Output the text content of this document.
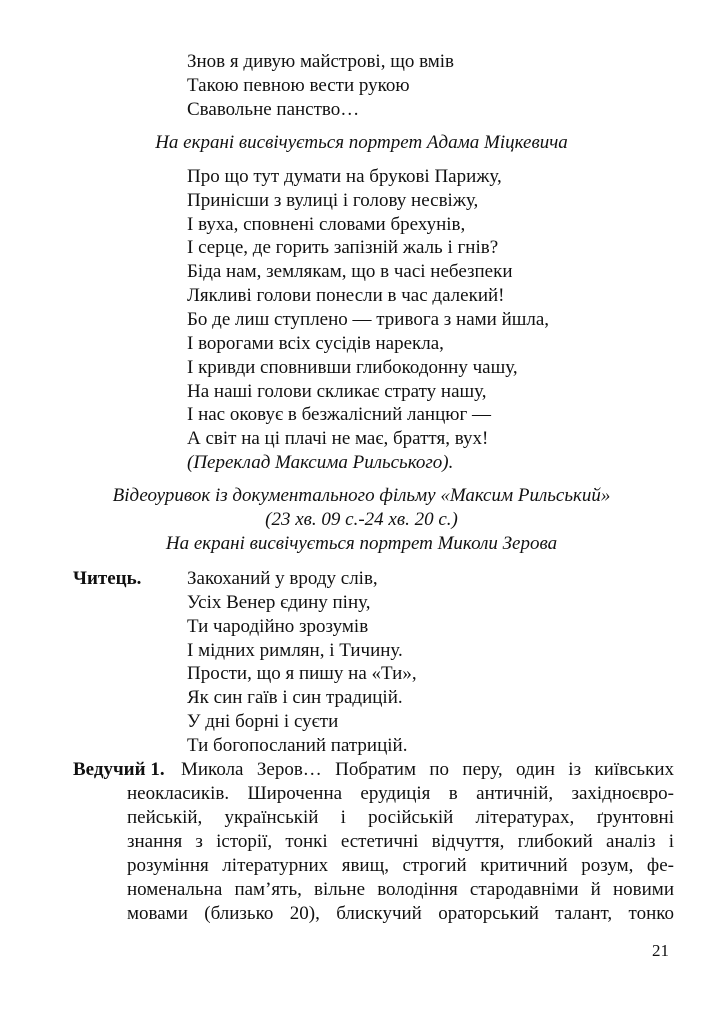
Знов я дивую майстрові, що вмів
Такою певною вести рукою
Свавольне панство…
На екрані висвічується портрет Адама Міцкевича
Про що тут думати на брукові Парижу,
Принісши з вулиці і голову несвіжу,
І вуха, сповнені словами брехунів,
І серце, де горить запізній жаль і гнів?
Біда нам, землякам, що в часі небезпеки
Лякливі голови понесли в час далекий!
Бо де лиш ступлено — тривога з нами йшла,
І ворогами всіх сусідів нарекла,
І кривди сповнивши глибокодонну чашу,
На наші голови скликає страту нашу,
І нас оковує в безжалісний ланцюг —
А світ на ці плачі не має, браття, вух!
(Переклад Максима Рильського).
Відеоуривок із документального фільму «Максим Рильський»
(23 хв. 09 с.-24 хв. 20 с.)
На екрані висвічується портрет Миколи Зерова
Читець. Закоханий у вроду слів,
Усіх Венер єдину піну,
Ти чародійно зрозумів
І мідних римлян, і Тичину.
Прости, що я пишу на «Ти»,
Як син гаїв і син традицій.
У дні борні і суєти
Ти богопосланий патрицій.
Ведучий 1. Микола Зеров… Побратим по перу, один із київських
неокласиків. Широченна ерудиція в античній, західноєвро-
пейській, українській і російській літературах, ґрунтовні
знання з історії, тонкі естетичні відчуття, глибокий аналіз і
розуміння літературних явищ, строгий критичний розум, фе-
номенальна пам’ять, вільне володіння стародавніми й новими
мовами (близько 20), блискучий ораторський талант, тонко
21
